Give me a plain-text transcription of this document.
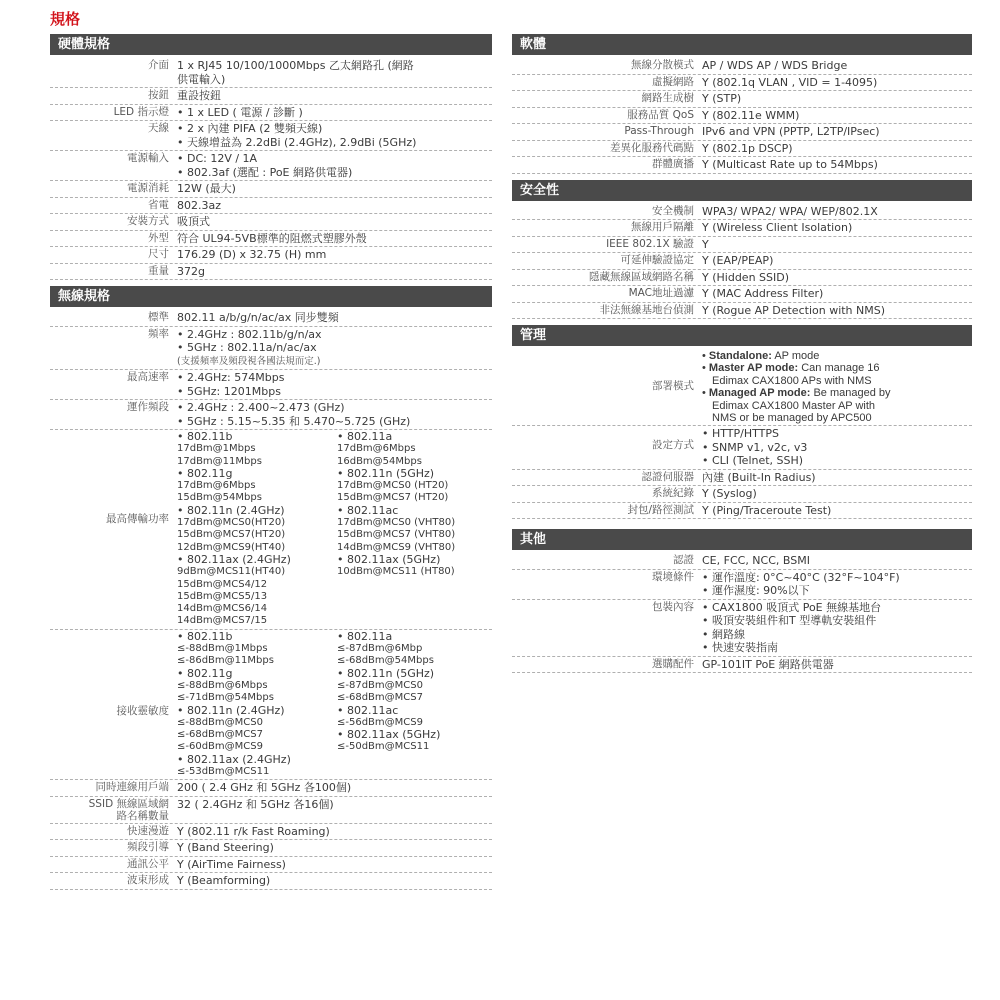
規格
硬體規格
介面 1 x RJ45 10/100/1000Mbps 乙太網路孔 (網路
供電輸入)
按鈕 重設按鈕
LED 指示燈 • 1 x LED ( 電源 / 診斷 )
天線 • 2 x 內建 PIFA (2 雙頻天線)
• 天線增益為 2.2dBi (2.4GHz), 2.9dBi (5GHz)
電源輸入 • DC: 12V / 1A
• 802.3af (選配 : PoE 網路供電器)
電源消耗 12W (最大)
省電 802.3az
安裝方式 吸頂式
外型 符合 UL94-5VB標準的阻燃式塑膠外殼
尺寸 176.29 (D) x 32.75 (H) mm
重量 372g
無線規格
標準 802.11 a/b/g/n/ac/ax 同步雙頻
頻率 • 2.4GHz : 802.11b/g/n/ax
• 5GHz : 802.11a/n/ac/ax
(支援頻率及頻段視各國法規而定.)
最高速率 • 2.4GHz: 574Mbps
• 5GHz: 1201Mbps
運作頻段 • 2.4GHz : 2.400~2.473 (GHz)
• 5GHz : 5.15~5.35 和 5.470~5.725 (GHz)
最高傳輸功率
• 802.11b
17dBm@1Mbps
17dBm@11Mbps
• 802.11g
17dBm@6Mbps
15dBm@54Mbps
• 802.11n (2.4GHz)
17dBm@MCS0(HT20)
15dBm@MCS7(HT20)
12dBm@MCS9(HT40)
• 802.11ax (2.4GHz)
9dBm@MCS11(HT40)
15dBm@MCS4/12
15dBm@MCS5/13
14dBm@MCS6/14
14dBm@MCS7/15
• 802.11a
17dBm@6Mbps
16dBm@54Mbps
• 802.11n (5GHz)
17dBm@MCS0 (HT20)
15dBm@MCS7 (HT20)
• 802.11ac
17dBm@MCS0 (VHT80)
15dBm@MCS7 (VHT80)
14dBm@MCS9 (VHT80)
• 802.11ax (5GHz)
10dBm@MCS11 (HT80)
接收靈敏度
• 802.11b
≤-88dBm@1Mbps
≤-86dBm@11Mbps
• 802.11g
≤-88dBm@6Mbps
≤-71dBm@54Mbps
• 802.11n (2.4GHz)
≤-88dBm@MCS0
≤-68dBm@MCS7
≤-60dBm@MCS9
• 802.11ax (2.4GHz)
≤-53dBm@MCS11
• 802.11a
≤-87dBm@6Mbp
≤-68dBm@54Mbps
• 802.11n (5GHz)
≤-87dBm@MCS0
≤-68dBm@MCS7
• 802.11ac
≤-56dBm@MCS9
• 802.11ax (5GHz)
≤-50dBm@MCS11
同時連線用戶端 200 ( 2.4 GHz 和 5GHz 各100個)
SSID 無線區域網
路名稱數量
32 ( 2.4GHz 和 5GHz 各16個)
快速漫遊 Y (802.11 r/k Fast Roaming)
頻段引導 Y (Band Steering)
通訊公平 Y (AirTime Fairness)
波束形成 Y (Beamforming)
軟體
無線分散模式 AP / WDS AP / WDS Bridge
虛擬網路 Y (802.1q VLAN , VID = 1-4095)
網路生成樹 Y (STP)
服務品質 QoS Y (802.11e WMM)
Pass-Through IPv6 and VPN (PPTP, L2TP/IPsec)
差異化服務代碼點 Y (802.1p DSCP)
群體廣播 Y (Multicast Rate up to 54Mbps)
安全性
安全機制 WPA3/ WPA2/ WPA/ WEP/802.1X
無線用戶隔離 Y (Wireless Client Isolation)
IEEE 802.1X 驗證 Y
可延伸驗證協定 Y (EAP/PEAP)
隱藏無線區域網路名稱 Y (Hidden SSID)
MAC地址過濾 Y (MAC Address Filter)
非法無線基地台偵測 Y (Rogue AP Detection with NMS)
管理
部署模式
• Standalone: AP mode
• Master AP mode: Can manage 16
Edimax CAX1800 APs with NMS
• Managed AP mode: Be managed by
Edimax CAX1800 Master AP with
NMS or be managed by APC500
設定方式
• HTTP/HTTPS
• SNMP v1, v2c, v3
• CLI (Telnet, SSH)
認證伺服器 內建 (Built-In Radius)
系統紀錄 Y (Syslog)
封包/路徑測試 Y (Ping/Traceroute Test)
其他
認證 CE, FCC, NCC, BSMI
環境條件 • 運作溫度: 0°C~40°C (32°F~104°F)
• 運作濕度: 90%以下
包裝內容 • CAX1800 吸頂式 PoE 無線基地台
• 吸頂安裝組件和T 型導軌安裝組件
• 網路線
• 快速安裝指南
選購配件 GP-101IT PoE 網路供電器
